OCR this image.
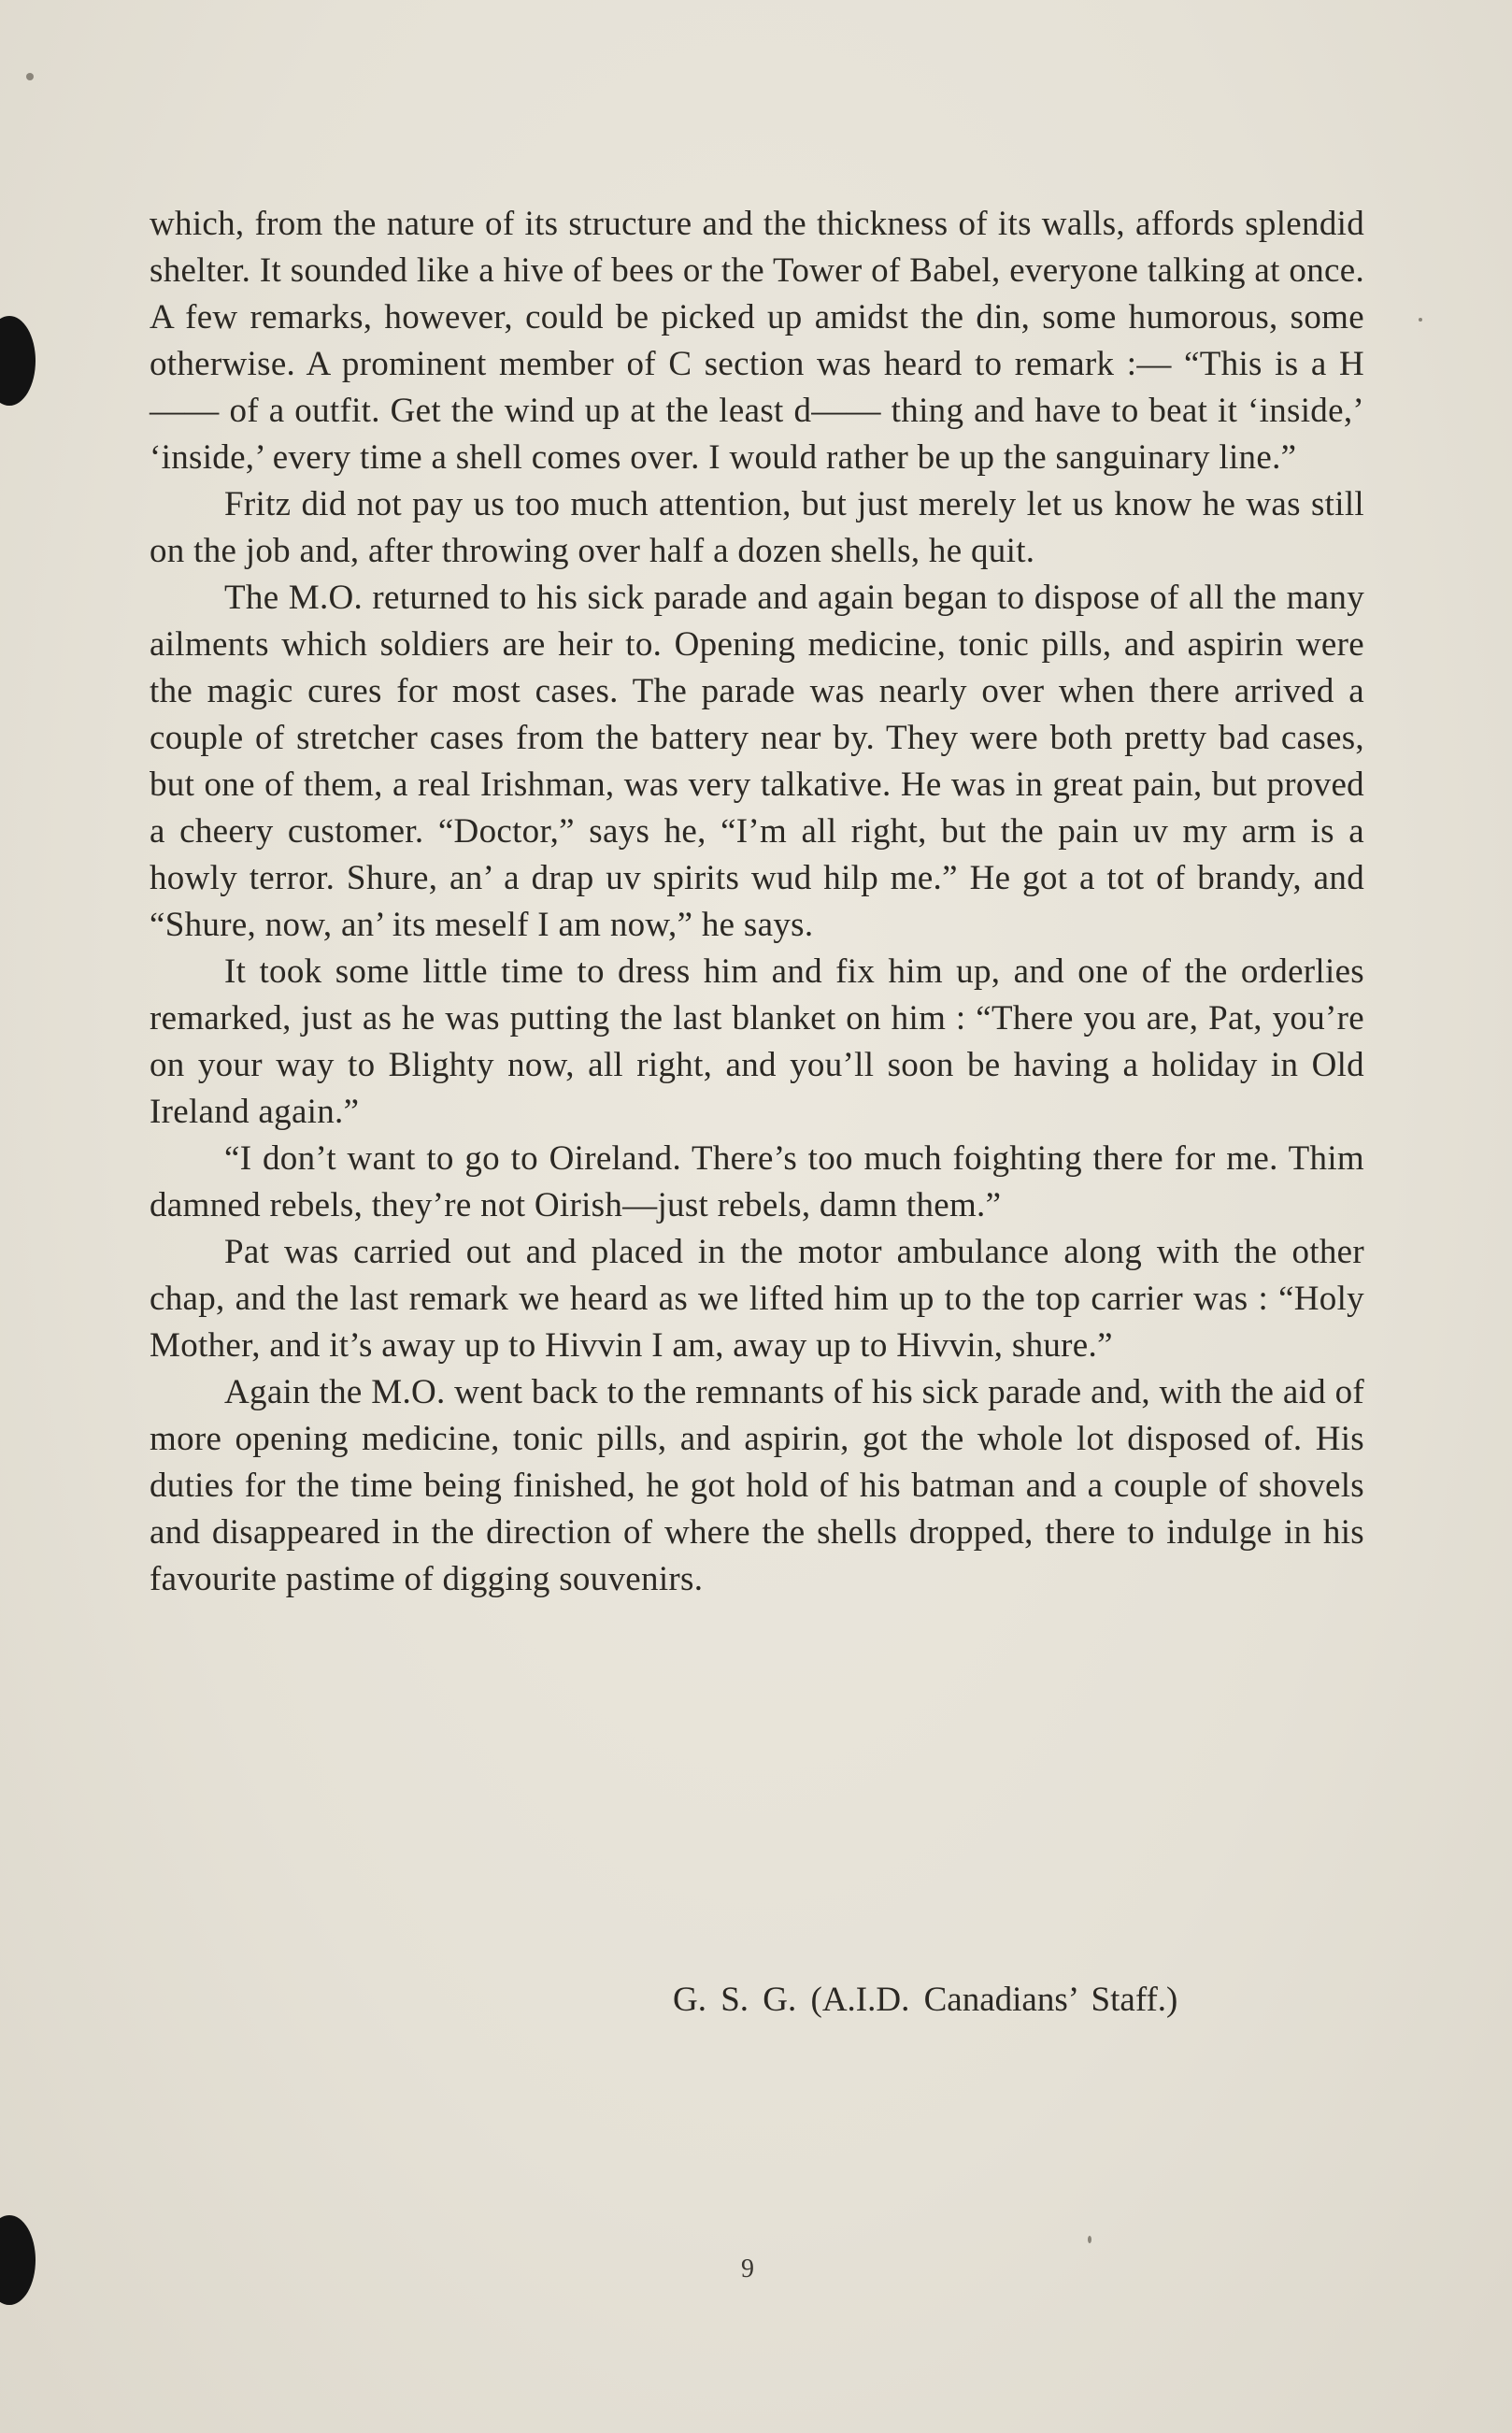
which, from the nature of its structure and the thickness of its walls, affords splendid shelter. It sounded like a hive of bees or the Tower of Babel, everyone talking at once. A few remarks, however, could be picked up amidst the din, some humorous, some otherwise. A prominent member of C section was heard to remark :— “This is a H—— of a outfit. Get the wind up at the least d—— thing and have to beat it ‘inside,’ ‘inside,’ every time a shell comes over. I would rather be up the sanguinary line.”

Fritz did not pay us too much attention, but just merely let us know he was still on the job and, after throwing over half a dozen shells, he quit.

The M.O. returned to his sick parade and again began to dispose of all the many ailments which soldiers are heir to. Opening medicine, tonic pills, and aspirin were the magic cures for most cases. The parade was nearly over when there arrived a couple of stretcher cases from the battery near by. They were both pretty bad cases, but one of them, a real Irishman, was very talkative. He was in great pain, but proved a cheery customer. “Doctor,” says he, “I’m all right, but the pain uv my arm is a howly terror. Shure, an’ a drap uv spirits wud hilp me.” He got a tot of brandy, and “Shure, now, an’ its meself I am now,” he says.

It took some little time to dress him and fix him up, and one of the orderlies remarked, just as he was putting the last blanket on him : “There you are, Pat, you’re on your way to Blighty now, all right, and you’ll soon be having a holiday in Old Ireland again.”

“I don’t want to go to Oireland. There’s too much foighting there for me. Thim damned rebels, they’re not Oirish—just rebels, damn them.”

Pat was carried out and placed in the motor ambulance along with the other chap, and the last remark we heard as we lifted him up to the top carrier was : “Holy Mother, and it’s away up to Hivvin I am, away up to Hivvin, shure.”

Again the M.O. went back to the remnants of his sick parade and, with the aid of more opening medicine, tonic pills, and aspirin, got the whole lot disposed of. His duties for the time being finished, he got hold of his batman and a couple of shovels and disappeared in the direction of where the shells dropped, there to indulge in his favourite pastime of digging souvenirs.

G. S. G. (A.I.D. Canadians’ Staff.)
9
